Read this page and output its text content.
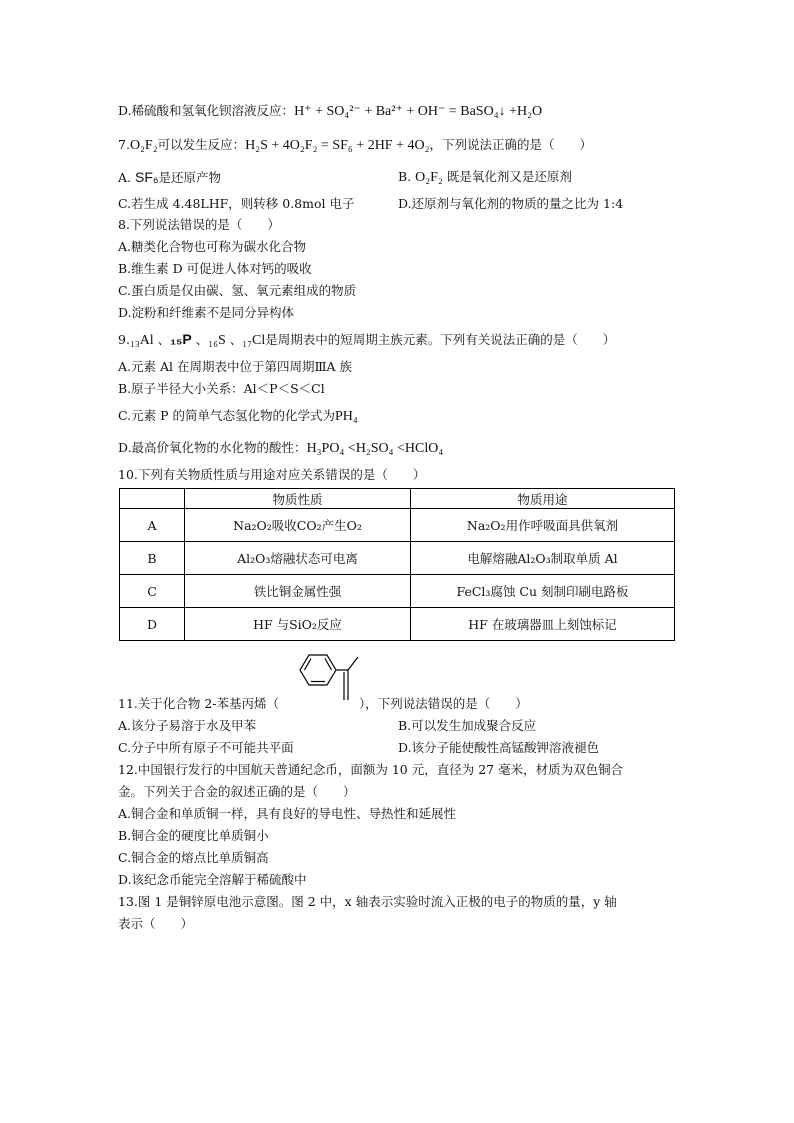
D.稀硫酸和氢氧化钡溶液反应：H⁺ + SO₄²⁻ + Ba²⁺ + OH⁻ = BaSO₄↓ +H₂O
7.O₂F₂可以发生反应：H₂S + 4O₂F₂ = SF₆ + 2HF + 4O₂，下列说法正确的是（　　）
A. SF₆是还原产物	B. O₂F₂ 既是氧化剂又是还原剂
C.若生成 4.48LHF，则转移 0.8mol 电子	D.还原剂与氧化剂的物质的量之比为 1:4
8.下列说法错误的是（　　）
A.糖类化合物也可称为碳水化合物
B.维生素 D 可促进人体对钙的吸收
C.蛋白质是仅由碳、氢、氧元素组成的物质
D.淀粉和纤维素不是同分异构体
9.₁₃Al 、₁₅P 、₁₆S 、₁₇Cl是周期表中的短周期主族元素。下列有关说法正确的是（　　）
A.元素 Al 在周期表中位于第四周期ⅢA 族
B.原子半径大小关系：Al＜P＜S＜Cl
C.元素 P 的简单气态氢化物的化学式为PH₄
D.最高价氧化物的水化物的酸性：H₃PO₄ <H₂SO₄ <HClO₄
10.下列有关物质性质与用途对应关系错误的是（　　）
	物质性质	物质用途
A	Na₂O₂吸收CO₂产生O₂	Na₂O₂用作呼吸面具供氧剂
B	Al₂O₃熔融状态可电离	电解熔融Al₂O₃制取单质 Al
C	铁比铜金属性强	FeCl₃腐蚀 Cu 刻制印刷电路板
D	HF 与SiO₂反应	HF 在玻璃器皿上刻蚀标记
11.关于化合物 2-苯基丙烯（	），下列说法错误的是（　　）
A.该分子易溶于水及甲苯	B.可以发生加成聚合反应
C.分子中所有原子不可能共平面	D.该分子能使酸性高锰酸钾溶液褪色
12.中国银行发行的中国航天普通纪念币，面额为 10 元，直径为 27 毫米，材质为双色铜合
金。下列关于合金的叙述正确的是（　　）
A.铜合金和单质铜一样，具有良好的导电性、导热性和延展性
B.铜合金的硬度比单质铜小
C.铜合金的熔点比单质铜高
D.该纪念币能完全溶解于稀硫酸中
13.图 1 是铜锌原电池示意图。图 2 中，x 轴表示实验时流入正极的电子的物质的量，y 轴
表示（　　）
